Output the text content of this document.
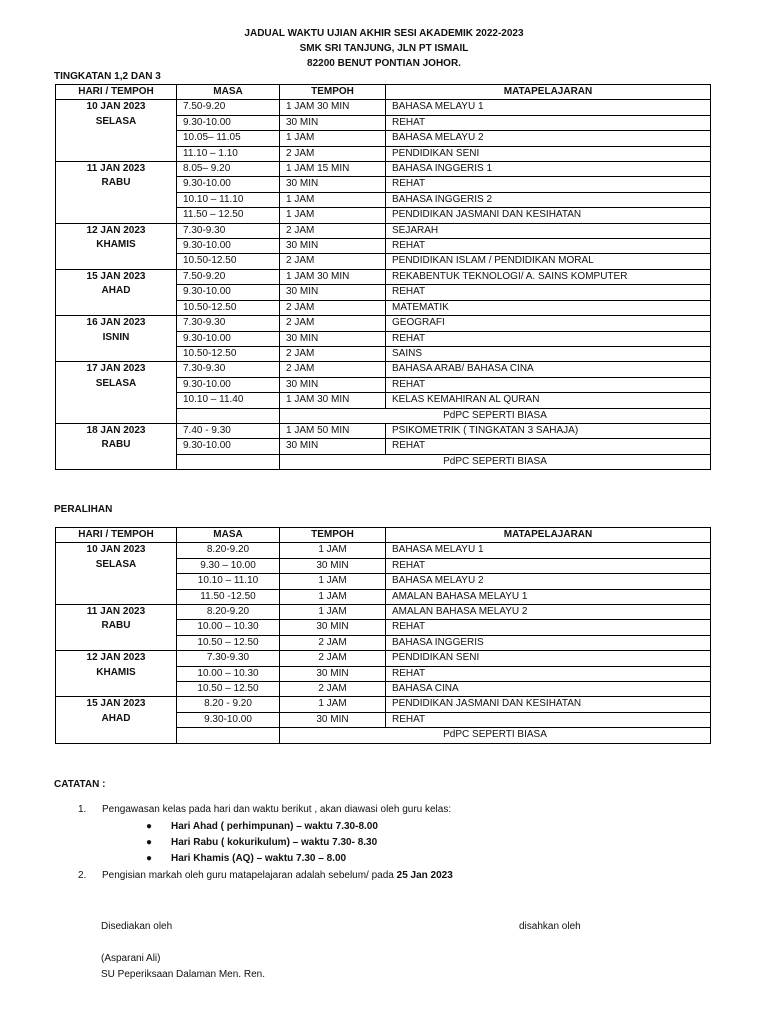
JADUAL WAKTU UJIAN AKHIR SESI AKADEMIK 2022-2023
SMK SRI TANJUNG, JLN PT ISMAIL
82200 BENUT PONTIAN JOHOR.
TINGKATAN 1,2 DAN 3
HARI / TEMPOH	MASA	TEMPOH	MATAPELAJARAN
10 JAN 2023
SELASA	7.50-9.20	1 JAM 30 MIN	BAHASA MELAYU 1
	9.30-10.00	30 MIN	REHAT
	10.05– 11.05	1 JAM	BAHASA MELAYU 2
	11.10 – 1.10	2 JAM	PENDIDIKAN SENI
11 JAN 2023
RABU	8.05– 9.20	1 JAM 15 MIN	BAHASA INGGERIS 1
	9.30-10.00	30 MIN	REHAT
	10.10 – 11.10	1 JAM	BAHASA INGGERIS 2
	11.50 – 12.50	1 JAM	PENDIDIKAN JASMANI DAN KESIHATAN
12 JAN 2023
KHAMIS	7.30-9.30	2 JAM	SEJARAH
	9.30-10.00	30 MIN	REHAT
	10.50-12.50	2 JAM	PENDIDIKAN ISLAM / PENDIDIKAN MORAL
15 JAN 2023
AHAD	7.50-9.20	1 JAM 30 MIN	REKABENTUK TEKNOLOGI/ A. SAINS KOMPUTER
	9.30-10.00	30 MIN	REHAT
	10.50-12.50	2 JAM	MATEMATIK
16 JAN 2023
ISNIN	7.30-9.30	2 JAM	GEOGRAFI
	9.30-10.00	30 MIN	REHAT
	10.50-12.50	2 JAM	SAINS
17 JAN 2023
SELASA	7.30-9.30	2 JAM	BAHASA ARAB/ BAHASA CINA
	9.30-10.00	30 MIN	REHAT
	10.10 – 11.40	1 JAM 30 MIN	KELAS KEMAHIRAN AL QURAN
		PdPC SEPERTI BIASA	
18 JAN 2023
RABU	7.40 - 9.30	1 JAM 50 MIN	PSIKOMETRIK ( TINGKATAN 3 SAHAJA)
	9.30-10.00	30 MIN	REHAT
		PdPC SEPERTI BIASA	
PERALIHAN
HARI / TEMPOH	MASA	TEMPOH	MATAPELAJARAN
10 JAN 2023
SELASA	8.20-9.20	1 JAM	BAHASA MELAYU 1
	9.30 – 10.00	30 MIN	REHAT
	10.10 – 11.10	1 JAM	BAHASA MELAYU 2
	11.50 -12.50	1 JAM	AMALAN BAHASA MELAYU 1
11 JAN 2023
RABU	8.20-9.20	1 JAM	AMALAN BAHASA MELAYU 2
	10.00 – 10.30	30 MIN	REHAT
	10.50 – 12.50	2 JAM	BAHASA INGGERIS
12 JAN 2023
KHAMIS	7.30-9.30	2 JAM	PENDIDIKAN SENI
	10.00 – 10.30	30 MIN	REHAT
	10.50 – 12.50	2 JAM	BAHASA CINA
15 JAN 2023
AHAD	8.20 - 9.20	1 JAM	PENDIDIKAN JASMANI DAN KESIHATAN
	9.30-10.00	30 MIN	REHAT
		PdPC SEPERTI BIASA	
CATATAN :
1. Pengawasan kelas pada hari dan waktu berikut , akan diawasi oleh guru kelas:
● Hari Ahad ( perhimpunan) – waktu 7.30-8.00
● Hari Rabu ( kokurikulum) – waktu 7.30- 8.30
● Hari Khamis (AQ) – waktu 7.30 – 8.00
2. Pengisian markah oleh guru matapelajaran adalah sebelum/ pada 25 Jan 2023
Disediakan oleh	disahkan oleh
(Asparani Ali)
SU Peperiksaan Dalaman Men. Ren.
